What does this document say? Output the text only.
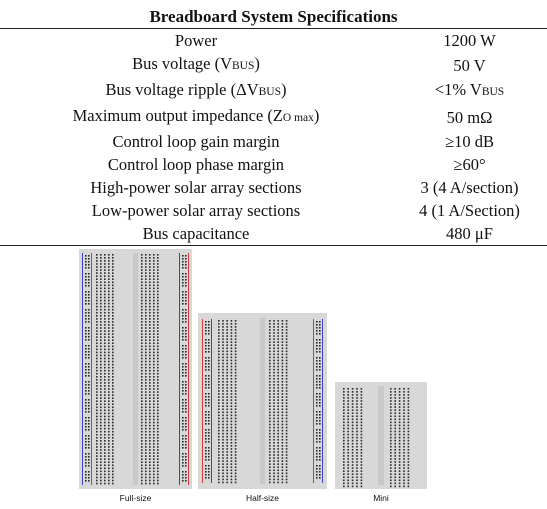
Breadboard System Specifications	
Power	1200 W
Bus voltage (VBUS)	50 V
Bus voltage ripple (ΔVBUS)	<1% VBUS
Maximum output impedance (ZO max)	50 mΩ
Control loop gain margin	≥10 dB
Control loop phase margin	≥60°
High-power solar array sections	3 (4 A/section)
Low-power solar array sections	4 (1 A/Section)
Bus capacitance	480 μF
Full-size	Half-size	Mini
